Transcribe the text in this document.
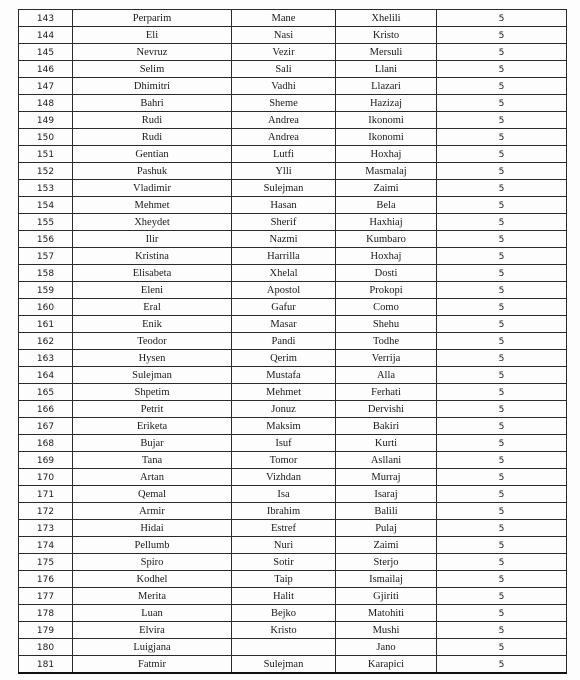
143	Perparim	Mane	Xhelili	5
144	Eli	Nasi	Kristo	5
145	Nevruz	Vezir	Mersuli	5
146	Selim	Sali	Llani	5
147	Dhimitri	Vadhi	Llazari	5
148	Bahri	Sheme	Hazizaj	5
149	Rudi	Andrea	Ikonomi	5
150	Rudi	Andrea	Ikonomi	5
151	Gentian	Lutfi	Hoxhaj	5
152	Pashuk	Ylli	Masmalaj	5
153	Vladimir	Sulejman	Zaimi	5
154	Mehmet	Hasan	Bela	5
155	Xheydet	Sherif	Haxhiaj	5
156	Ilir	Nazmi	Kumbaro	5
157	Kristina	Harrilla	Hoxhaj	5
158	Elisabeta	Xhelal	Dosti	5
159	Eleni	Apostol	Prokopi	5
160	Eral	Gafur	Como	5
161	Enik	Masar	Shehu	5
162	Teodor	Pandi	Todhe	5
163	Hysen	Qerim	Verrija	5
164	Sulejman	Mustafa	Alla	5
165	Shpetim	Mehmet	Ferhati	5
166	Petrit	Jonuz	Dervishi	5
167	Eriketa	Maksim	Bakiri	5
168	Bujar	Isuf	Kurti	5
169	Tana	Tomor	Asllani	5
170	Artan	Vizhdan	Murraj	5
171	Qemal	Isa	Isaraj	5
172	Armir	Ibrahim	Balili	5
173	Hidai	Estref	Pulaj	5
174	Pellumb	Nuri	Zaimi	5
175	Spiro	Sotir	Sterjo	5
176	Kodhel	Taip	Ismailaj	5
177	Merita	Halit	Gjiriti	5
178	Luan	Bejko	Matohiti	5
179	Elvira	Kristo	Mushi	5
180	Luigjana		Jano	5
181	Fatmir	Sulejman	Karapici	5
